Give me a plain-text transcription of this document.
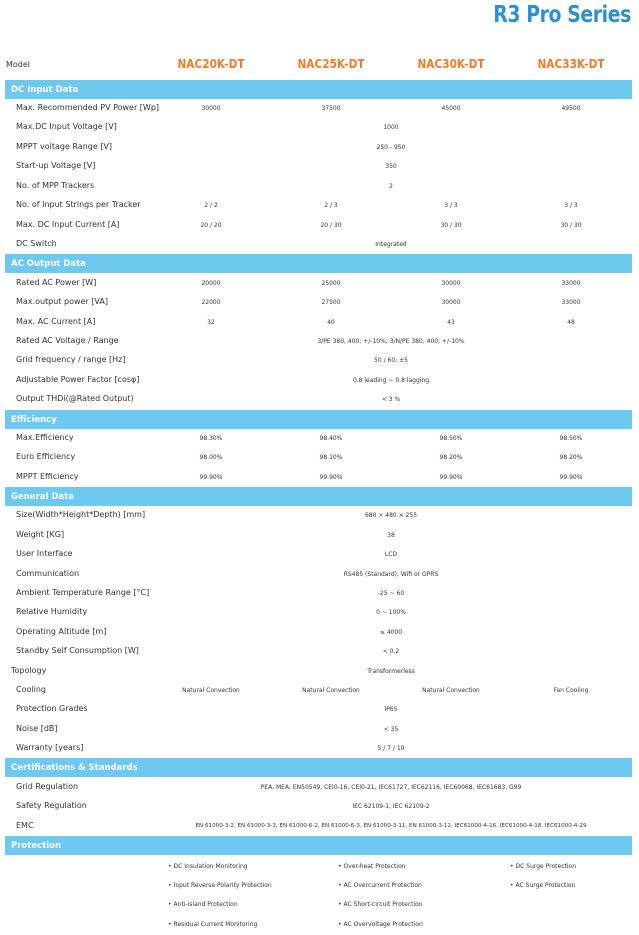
R3 Pro Series
Model	NAC20K-DT	NAC25K-DT	NAC30K-DT	NAC33K-DT
DC Input Data
Max. Recommended PV Power [Wp]	30000	37500	45000	49500
Max.DC Input Voltage [V]	1000
MPPT voltage Range [V]	250 - 950
Start-up Voltage [V]	350
No. of MPP Trackers	2
No. of Input Strings per Tracker	2 / 2	2 / 3	3 / 3	3 / 3
Max. DC Input Current [A]	20 / 20	20 / 30	30 / 30	30 / 30
DC Switch	Integrated
AC Output Data
Rated AC Power [W]	20000	25000	30000	33000
Max.output power [VA]	22000	27500	30000	33000
Max. AC Current [A]	32	40	43	48
Rated AC Voltage / Range	3/PE 380, 400; +/-10%; 3/N/PE 380, 400; +/-10%
Grid frequency / range [Hz]	50 / 60; ±5
Adjustable Power Factor [cosφ]	0.8 leading ~ 0.8 lagging
Output THDi(@Rated Output)	< 3 %
Efficiency
Max.Efficiency	98.30%	98.40%	98.50%	98.50%
Euro Efficiency	98.00%	98.10%	98.20%	98.20%
MPPT Efficiency	99.90%	99.90%	99.90%	99.90%
General Data
Size(Width*Height*Depth) [mm]	680 × 480 × 255
Weight [KG]	38
User Interface	LCD
Communication	RS485 (Standard), Wifi or GPRS
Ambient Temperature Range [°C]	-25 ~ 60
Relative Humidity	0 ~ 100%
Operating Altitude [m]	≤ 4000
Standby Self Consumption [W]	< 0.2
Topology	Transformerless
Cooling	Natural Convection	Natural Convection	Natural Convection	Fan Cooling
Protection Grades	IP65
Noise [dB]	< 35
Warranty [years]	5 / 7 / 10
Certifications & Standards
Grid Regulation	PEA, MEA, EN50549, CEI0-16, CEI0-21, IEC61727, IEC62116, IEC60068, IEC61683, G99
Safety Regulation	IEC 62109-1, IEC 62109-2
EMC	EN 61000-3-2, EN 61000-3-3, EN 61000-6-2, EN 61000-6-3, EN 61000-3-11, EN 61000-3-12, IEC61000-4-16, IEC61000-4-18, IEC61000-4-29
Protection
• DC Insulation Monitoring	• Over-heat Protection	• DC Surge Protection
• Input Reverse Polarity Protection	• AC Overcurrent Protection	• AC Surge Protection
• Anti-island Protection	• AC Short-circuit Protection
• Residual Current Monitoring	• AC Overvoltage Protection
